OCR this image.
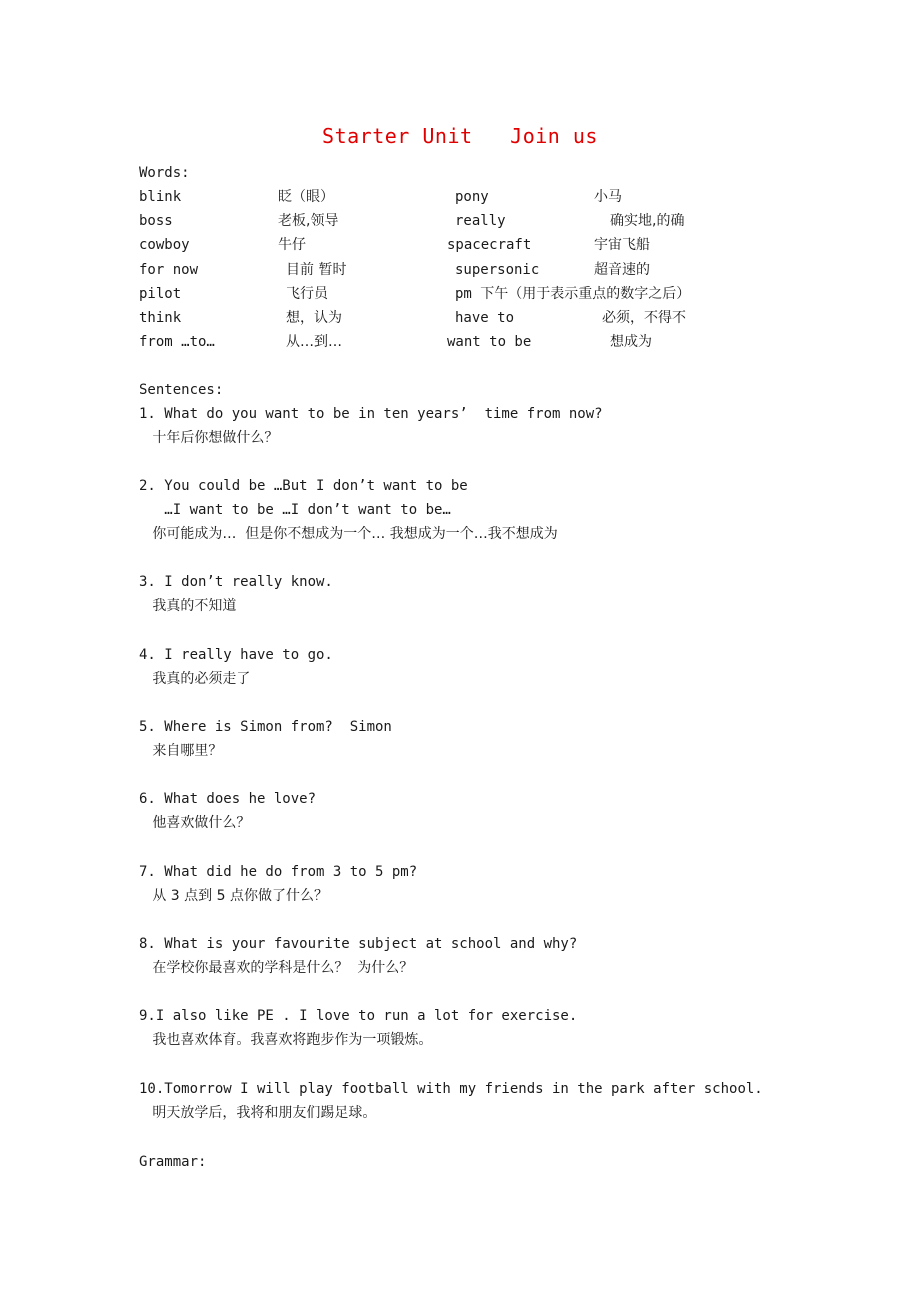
Starter Unit   Join us
Words:
blink	眨（眼）	pony	小马
boss	老板,领导	really	确实地,的确
cowboy	牛仔	spacecraft	宇宙飞船
for now	目前 暂时	supersonic	超音速的
pilot	飞行员	pm 下午（用于表示重点的数字之后）
think	想，认为	have to	必须，不得不
from …to…	从…到…	want to be	想成为
Sentences:
1. What do you want to be in ten years’  time from now?
十年后你想做什么？
2. You could be …But I don’t want to be
…I want to be …I don’t want to be…
你可能成为…  但是你不想成为一个… 我想成为一个…我不想成为
3. I don’t really know.
我真的不知道
4. I really have to go.
我真的必须走了
5. Where is Simon from?  Simon
来自哪里？
6. What does he love?
他喜欢做什么？
7. What did he do from 3 to 5 pm?
从 3 点到 5 点你做了什么？
8. What is your favourite subject at school and why?
在学校你最喜欢的学科是什么？  为什么？
9.I also like PE . I love to run a lot for exercise.
我也喜欢体育。我喜欢将跑步作为一项锻炼。
10.Tomorrow I will play football with my friends in the park after school.
明天放学后，我将和朋友们踢足球。
Grammar:
